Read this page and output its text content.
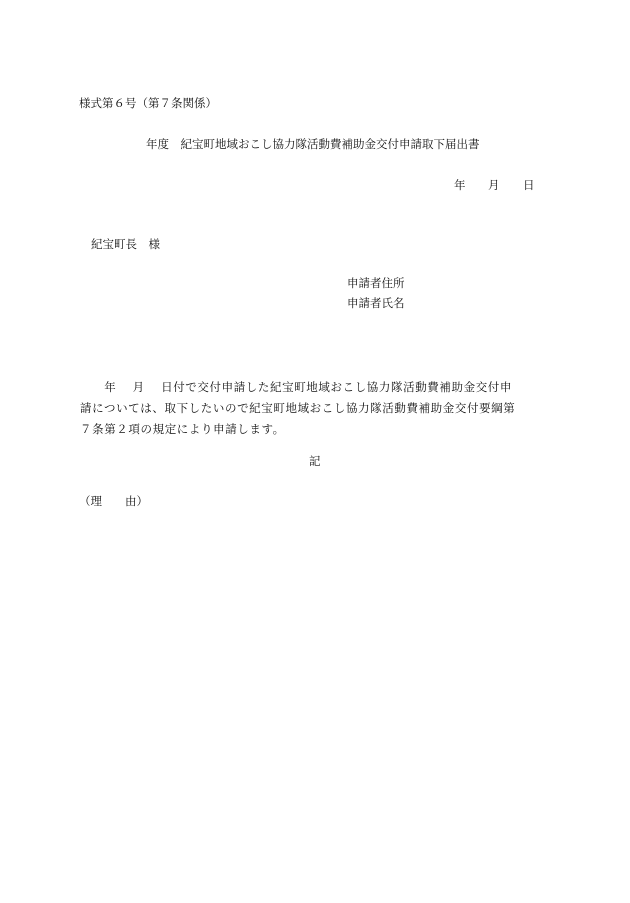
様式第６号（第７条関係）

年度　紀宝町地域おこし協力隊活動費補助金交付申請取下届出書

年 月 日

紀宝町長　様

申請者住所

申請者氏名

　　年　 月　 日付で交付申請した紀宝町地域おこし協力隊活動費補助金交付申
請については、取下したいので紀宝町地域おこし協力隊活動費補助金交付要綱第
７条第２項の規定により申請します。

記

（理　　由）
